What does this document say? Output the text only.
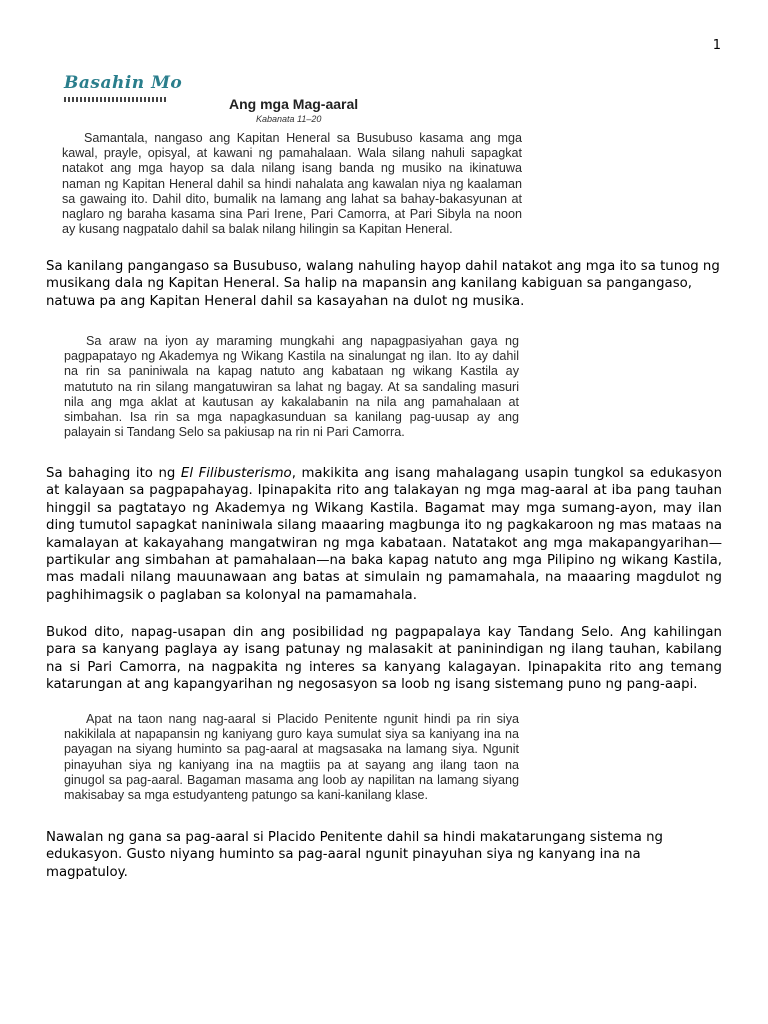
1
Basahin Mo
Ang mga Mag-aaral
Kabanata 11–20

Samantala, nangaso ang Kapitan Heneral sa Busubuso kasama ang mga kawal, prayle, opisyal, at kawani ng pamahalaan. Wala silang nahuli sapagkat natakot ang mga hayop sa dala nilang isang banda ng musiko na ikinatuwa naman ng Kapitan Heneral dahil sa hindi nahalata ang kawalan niya ng kaalaman sa gawaing ito. Dahil dito, bumalik na lamang ang lahat sa bahay-bakasyunan at naglaro ng baraha kasama sina Pari Irene, Pari Camorra, at Pari Sibyla na noon ay kusang nagpatalo dahil sa balak nilang hilingin sa Kapitan Heneral.

Sa kanilang pangangaso sa Busubuso, walang nahuling hayop dahil natakot ang mga ito sa tunog ng musikang dala ng Kapitan Heneral. Sa halip na mapansin ang kanilang kabiguan sa pangangaso, natuwa pa ang Kapitan Heneral dahil sa kasayahan na dulot ng musika.

Sa araw na iyon ay maraming mungkahi ang napagpasiyahan gaya ng pagpapatayo ng Akademya ng Wikang Kastila na sinalungat ng ilan. Ito ay dahil na rin sa paniniwala na kapag natuto ang kabataan ng wikang Kastila ay matututo na rin silang mangatuwiran sa lahat ng bagay. At sa sandaling masuri nila ang mga aklat at kautusan ay kakalabanin na nila ang pamahalaan at simbahan. Isa rin sa mga napagkasunduan sa kanilang pag-uusap ay ang palayain si Tandang Selo sa pakiusap na rin ni Pari Camorra.

Sa bahaging ito ng El Filibusterismo, makikita ang isang mahalagang usapin tungkol sa edukasyon at kalayaan sa pagpapahayag. Ipinapakita rito ang talakayan ng mga mag-aaral at iba pang tauhan hinggil sa pagtatayo ng Akademya ng Wikang Kastila. Bagamat may mga sumang-ayon, may ilan ding tumutol sapagkat naniniwala silang maaaring magbunga ito ng pagkakaroon ng mas mataas na kamalayan at kakayahang mangatwiran ng mga kabataan. Natatakot ang mga makapangyarihan—partikular ang simbahan at pamahalaan—na baka kapag natuto ang mga Pilipino ng wikang Kastila, mas madali nilang mauunawaan ang batas at simulain ng pamamahala, na maaaring magdulot ng paghihimagsik o paglaban sa kolonyal na pamamahala.

Bukod dito, napag-usapan din ang posibilidad ng pagpapalaya kay Tandang Selo. Ang kahilingan para sa kanyang paglaya ay isang patunay ng malasakit at paninindigan ng ilang tauhan, kabilang na si Pari Camorra, na nagpakita ng interes sa kanyang kalagayan. Ipinapakita rito ang temang katarungan at ang kapangyarihan ng negosasyon sa loob ng isang sistemang puno ng pang-aapi.

Apat na taon nang nag-aaral si Placido Penitente ngunit hindi pa rin siya nakikilala at napapansin ng kaniyang guro kaya sumulat siya sa kaniyang ina na payagan na siyang huminto sa pag-aaral at magsasaka na lamang siya. Ngunit pinayuhan siya ng kaniyang ina na magtiis pa at sayang ang ilang taon na ginugol sa pag-aaral. Bagaman masama ang loob ay napilitan na lamang siyang makisabay sa mga estudyanteng patungo sa kani-kanilang klase.

Nawalan ng gana sa pag-aaral si Placido Penitente dahil sa hindi makatarungang sistema ng edukasyon. Gusto niyang huminto sa pag-aaral ngunit pinayuhan siya ng kanyang ina na magpatuloy.
